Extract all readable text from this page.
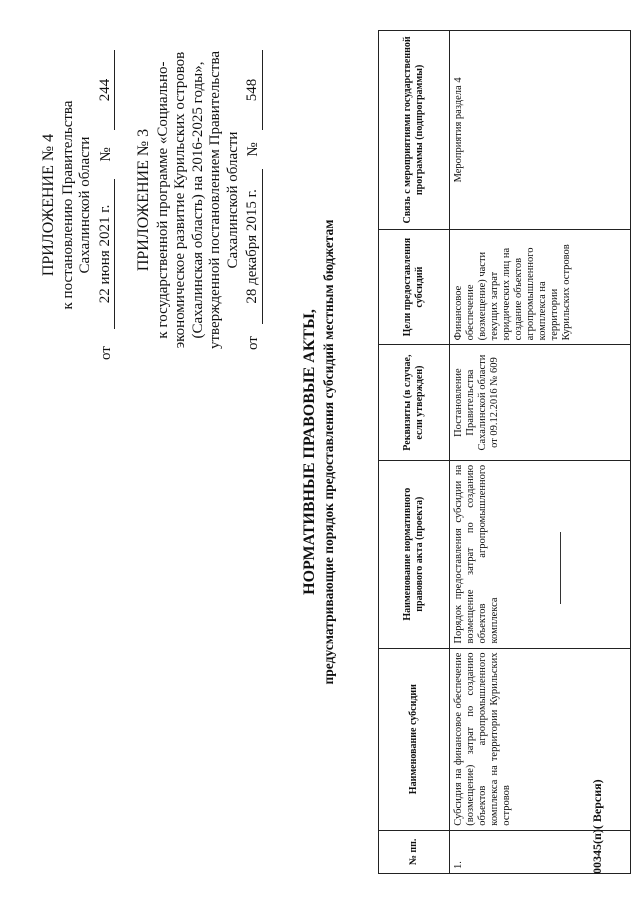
ПРИЛОЖЕНИЕ № 4 к постановлению Правительства Сахалинской области
от
22 июня 2021 г.
№
244
ПРИЛОЖЕНИЕ № 3 к государственной программе «Социально- экономическое развитие Курильских островов (Сахалинская область) на 2016-2025 годы», утвержденной постановлением Правительства Сахалинской области
от
28 декабря 2015 г.
№
548
НОРМАТИВНЫЕ ПРАВОВЫЕ АКТЫ, предусматривающие порядок предоставления субсидий местным бюджетам
№ пп.	Наименование субсидии	Наименование нормативного правового акта (проекта)	Реквизиты (в случае, если утвержден)	Цели предоставления субсидий	Связь с мероприятиями государственной программы (подпрограммы)
1.	Субсидия на финансовое обеспечение (возмещение) затрат по созданию объектов агропромышленного комплекса на территории Курильских островов	Порядок предоставления субсидии на возмещение затрат по созданию объектов агропромышленного комплекса	Постановление Правительства Сахалинской области от 09.12.2016 № 609	Финансовое обеспечение (возмещение) части текущих затрат юридических лиц на создание объектов агропромышленного комплекса на территории Курильских островов	Мероприятия раздела 4
00345(п)( Версия)
